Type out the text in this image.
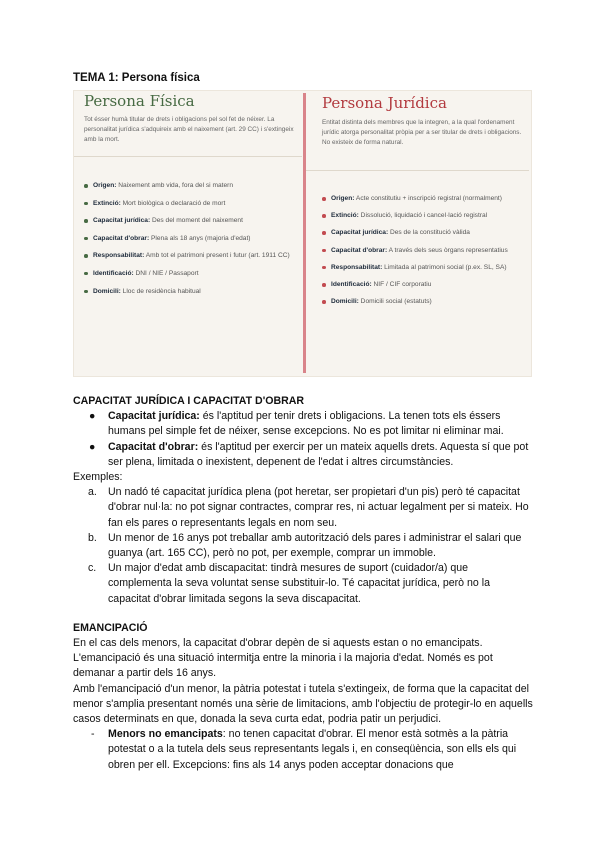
TEMA 1: Persona física
Persona Física

Tot ésser humà titular de drets i obligacions pel sol fet de néixer. La personalitat jurídica s'adquireix amb el naixement (art. 29 CC) i s'extingeix amb la mort.

Origen: Naixement amb vida, fora del si matern
Extinció: Mort biològica o declaració de mort
Capacitat jurídica: Des del moment del naixement
Capacitat d'obrar: Plena als 18 anys (majoria d'edat)
Responsabilitat: Amb tot el patrimoni present i futur (art. 1911 CC)
Identificació: DNI / NIE / Passaport
Domicili: Lloc de residència habitual
Persona Jurídica

Entitat distinta dels membres que la integren, a la qual l'ordenament jurídic atorga personalitat pròpia per a ser titular de drets i obligacions. No existeix de forma natural.

Origen: Acte constitutiu + inscripció registral (normalment)
Extinció: Dissolució, liquidació i cancel·lació registral
Capacitat jurídica: Des de la constitució vàlida
Capacitat d'obrar: A través dels seus òrgans representatius
Responsabilitat: Limitada al patrimoni social (p.ex. SL, SA)
Identificació: NIF / CIF corporatiu
Domicili: Domicili social (estatuts)

CAPACITAT JURÍDICA I CAPACITAT D'OBRAR

● Capacitat jurídica: és l'aptitud per tenir drets i obligacions. La tenen tots els éssers humans pel simple fet de néixer, sense excepcions. No es pot limitar ni eliminar mai.

● Capacitat d'obrar: és l'aptitud per exercir per un mateix aquells drets. Aquesta sí que pot ser plena, limitada o inexistent, depenent de l'edat i altres circumstàncies.

Exemples:

a. Un nadó té capacitat jurídica plena (pot heretar, ser propietari d'un pis) però té capacitat d'obrar nul·la: no pot signar contractes, comprar res, ni actuar legalment per si mateix. Ho fan els pares o representants legals en nom seu.

b. Un menor de 16 anys pot treballar amb autorització dels pares i administrar el salari que guanya (art. 165 CC), però no pot, per exemple, comprar un immoble.

c. Un major d'edat amb discapacitat: tindrà mesures de suport (cuidador/a) que complementa la seva voluntat sense substituir-lo. Té capacitat jurídica, però no la capacitat d'obrar limitada segons la seva discapacitat.

EMANCIPACIÓ

En el cas dels menors, la capacitat d'obrar depèn de si aquests estan o no emancipats. L'emancipació és una situació intermitja entre la minoria i la majoria d'edat. Només es pot demanar a partir dels 16 anys.

Amb l'emancipació d'un menor, la pàtria potestat i tutela s'extingeix, de forma que la capacitat del menor s'amplia presentant només una sèrie de limitacions, amb l'objectiu de protegir-lo en aquells casos determinats en que, donada la seva curta edat, podria patir un perjudici.

- Menors no emancipats: no tenen capacitat d'obrar. El menor està sotmès a la pàtria potestat o a la tutela dels seus representants legals i, en conseqüència, son ells els qui obren per ell. Excepcions: fins als 14 anys poden acceptar donacions que
